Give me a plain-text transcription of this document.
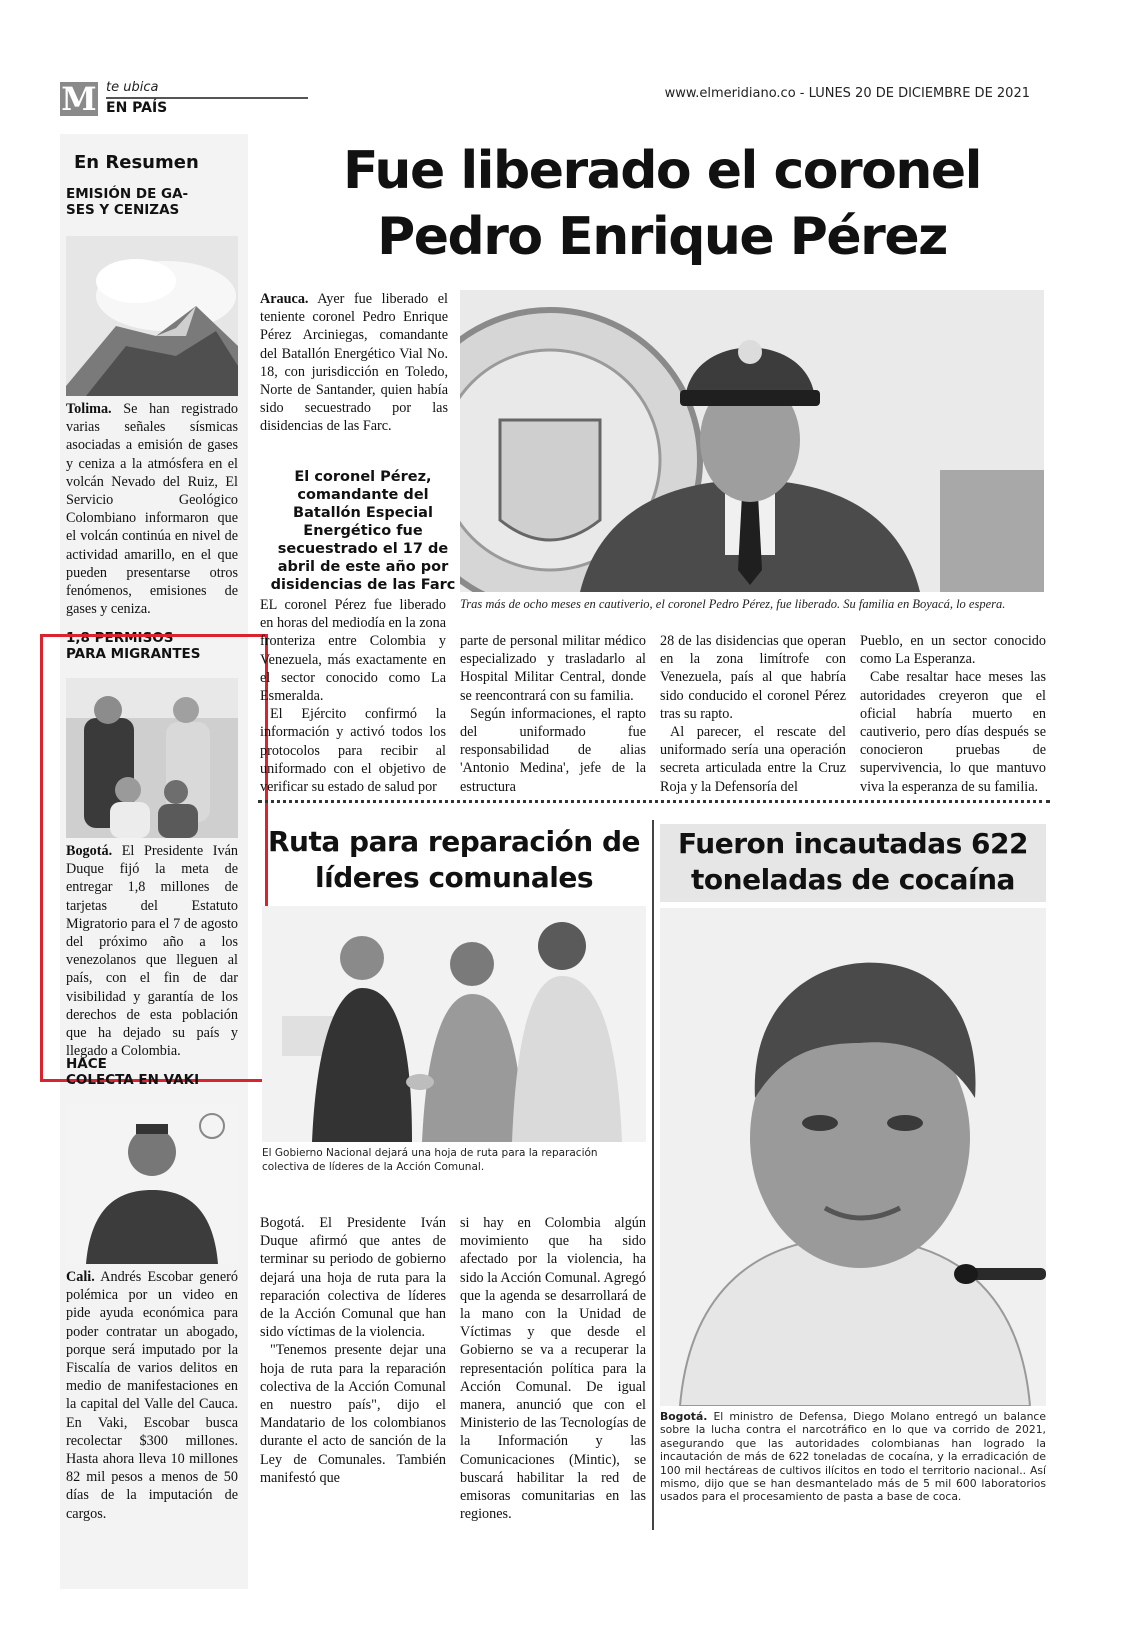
M te ubica
EN PAÍS
www.elmeridiano.co - LUNES 20 DE DICIEMBRE DE 2021
En Resumen
EMISIÓN DE GA-
SES Y CENIZAS
Tolima. Se han registrado varias señales sísmicas asociadas a emisión de gases y ceniza a la atmósfera en el volcán Nevado del Ruiz, El Servicio Geológico Colombiano informaron que el volcán continúa en nivel de actividad amarillo, en el que pueden presentarse otros fenómenos, emisiones de gases y ceniza.
1,8 PERMISOS
PARA MIGRANTES
Bogotá. El Presidente Iván Duque fijó la meta de entregar 1,8 millones de tarjetas del Estatuto Migratorio para el 7 de agosto del próximo año a los venezolanos que lleguen al país, con el fin de dar visibilidad y garantía de los derechos de esta población que ha dejado su país y llegado a Colombia.
HACE
COLECTA EN VAKI
Cali. Andrés Escobar generó polémica por un video en pide ayuda económica para poder contratar un abogado, porque será imputado por la Fiscalía de varios delitos en medio de manifestaciones en la capital del Valle del Cauca. En Vaki, Escobar busca recolectar $300 millones. Hasta ahora lleva 10 millones 82 mil pesos a menos de 50 días de la imputación de cargos.
Fue liberado el coronel Pedro Enrique Pérez
Arauca. Ayer fue liberado el teniente coronel Pedro Enrique Pérez Arciniegas, comandante del Batallón Energético Vial No. 18, con jurisdicción en Toledo, Norte de Santander, quien había sido secuestrado por las disidencias de las Farc.
El coronel Pérez, comandante del Batallón Especial Energético fue secuestrado el 17 de abril de este año por disidencias de las Farc
Tras más de ocho meses en cautiverio, el coronel Pedro Pérez, fue liberado. Su familia en Boyacá, lo espera.

EL coronel Pérez fue liberado en horas del mediodía en la zona fronteriza entre Colombia y Venezuela, más exactamente en el sector conocido como La Esmeralda.

El Ejército confirmó la información y activó todos los protocolos para recibir al uniformado con el objetivo de verificar su estado de salud por

parte de personal militar médico especializado y trasladarlo al Hospital Militar Central, donde se reencontrará con su familia.

Según informaciones, el rapto del uniformado fue responsabilidad de alias 'Antonio Medina', jefe de la estructura

28 de las disidencias que operan en la zona limítrofe con Venezuela, país al que habría sido conducido el coronel Pérez tras su rapto.

Al parecer, el rescate del uniformado sería una operación secreta articulada entre la Cruz Roja y la Defensoría del

Pueblo, en un sector conocido como La Esperanza.

Cabe resaltar hace meses las autoridades creyeron que el oficial habría muerto en cautiverio, pero días después se conocieron pruebas de supervivencia, lo que mantuvo viva la esperanza de su familia.

Ruta para reparación de líderes comunales
El Gobierno Nacional dejará una hoja de ruta para la reparación colectiva de líderes de la Acción Comunal.

Bogotá. El Presidente Iván Duque afirmó que antes de terminar su periodo de gobierno dejará una hoja de ruta para la reparación colectiva de líderes de la Acción Comunal que han sido víctimas de la violencia.

"Tenemos presente dejar una hoja de ruta para la reparación colectiva de la Acción Comunal en nuestro país", dijo el Mandatario de los colombianos durante el acto de sanción de la Ley de Comunales. También manifestó que

si hay en Colombia algún movimiento que ha sido afectado por la violencia, ha sido la Acción Comunal. Agregó que la agenda se desarrollará de la mano con la Unidad de Víctimas y que desde el Gobierno se va a recuperar la representación política para la Acción Comunal. De igual manera, anunció que con el Ministerio de las Tecnologías de la Información y las Comunicaciones (Mintic), se buscará habilitar la red de emisoras comunitarias en las regiones.

Fueron incautadas 622 toneladas de cocaína
Bogotá. El ministro de Defensa, Diego Molano entregó un balance sobre la lucha contra el narcotráfico en lo que va corrido de 2021, asegurando que las autoridades colombianas han logrado la incautación de más de 622 toneladas de cocaína, y la erradicación de 100 mil hectáreas de cultivos ilícitos en todo el territorio nacional.. Así mismo, dijo que se han desmantelado más de 5 mil 600 laboratorios usados para el procesamiento de pasta a base de coca.
